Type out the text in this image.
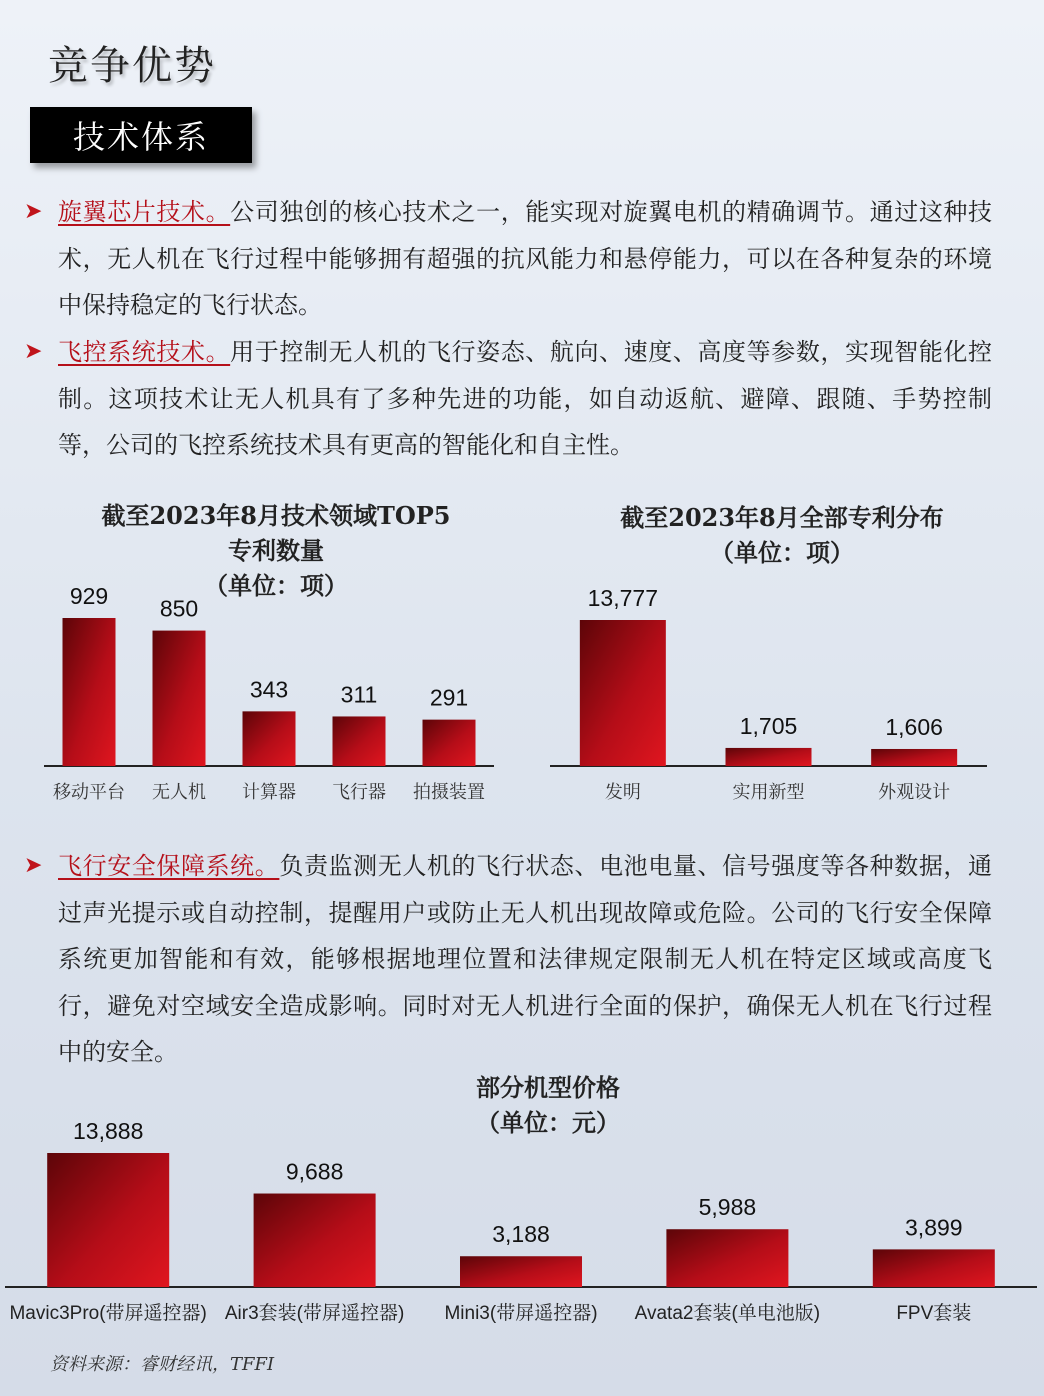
竞争优势
技术体系

➤ 旋翼芯片技术。公司独创的核心技术之一，能实现对旋翼电机的精确调节。通过这种技术，无人机在飞行过程中能够拥有超强的抗风能力和悬停能力，可以在各种复杂的环境中保持稳定的飞行状态。

➤ 飞控系统技术。用于控制无人机的飞行姿态、航向、速度、高度等参数，实现智能化控制。这项技术让无人机具有了多种先进的功能，如自动返航、避障、跟随、手势控制等，公司的飞控系统技术具有更高的智能化和自主性。

截至2023年8月技术领域TOP5
专利数量
（单位：项）
929
移动平台
850
无人机
343
计算器
311
飞行器
291
拍摄装置
截至2023年8月全部专利分布
（单位：项）
13,777
发明
1,705
实用新型
1,606
外观设计

➤ 飞行安全保障系统。负责监测无人机的飞行状态、电池电量、信号强度等各种数据，通过声光提示或自动控制，提醒用户或防止无人机出现故障或危险。公司的飞行安全保障系统更加智能和有效，能够根据地理位置和法律规定限制无人机在特定区域或高度飞行，避免对空域安全造成影响。同时对无人机进行全面的保护，确保无人机在飞行过程中的安全。

部分机型价格
（单位：元）
13,888
Mavic3Pro(带屏遥控器)
9,688
Air3套装(带屏遥控器)
3,188
Mini3(带屏遥控器)
5,988
Avata2套装(单电池版)
3,899
FPV套装
资料来源：睿财经讯，TFFI
